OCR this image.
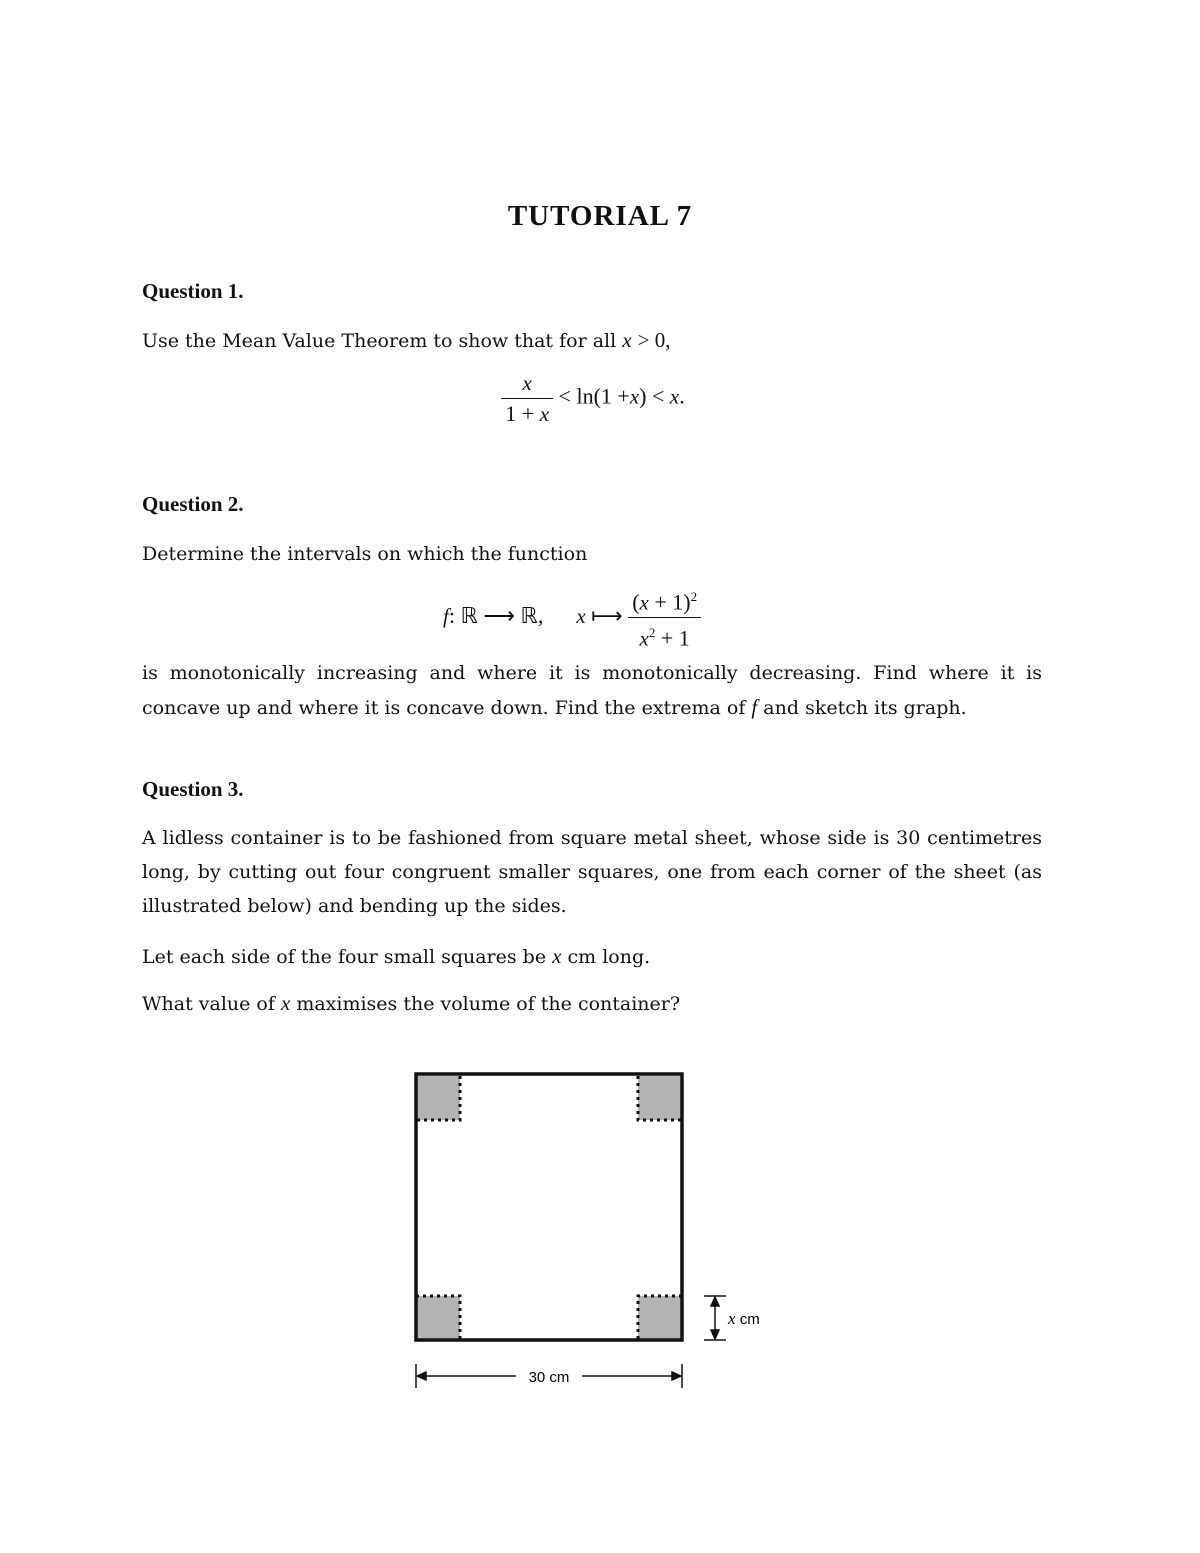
TUTORIAL 7
Question 1.
Use the Mean Value Theorem to show that for all x > 0,
$\frac{x}{1 + x} < \ln(1 +x) < x$.
Question 2.
Determine the intervals on which the function
f: ℝ ⟶ ℝ, x ⟼ $\frac{(x + 1)^2}{x^2 + 1}$
is monotonically increasing and where it is monotonically decreasing. Find where it is concave up and where it is concave down. Find the extrema of f and sketch its graph.
Question 3.
A lidless container is to be fashioned from square metal sheet, whose side is 30 centimetres long, by cutting out four congruent smaller squares, one from each corner of the sheet (as illustrated below) and bending up the sides.
Let each side of the four small squares be x cm long.
What value of x maximises the volume of the container?
x cm
30 cm
